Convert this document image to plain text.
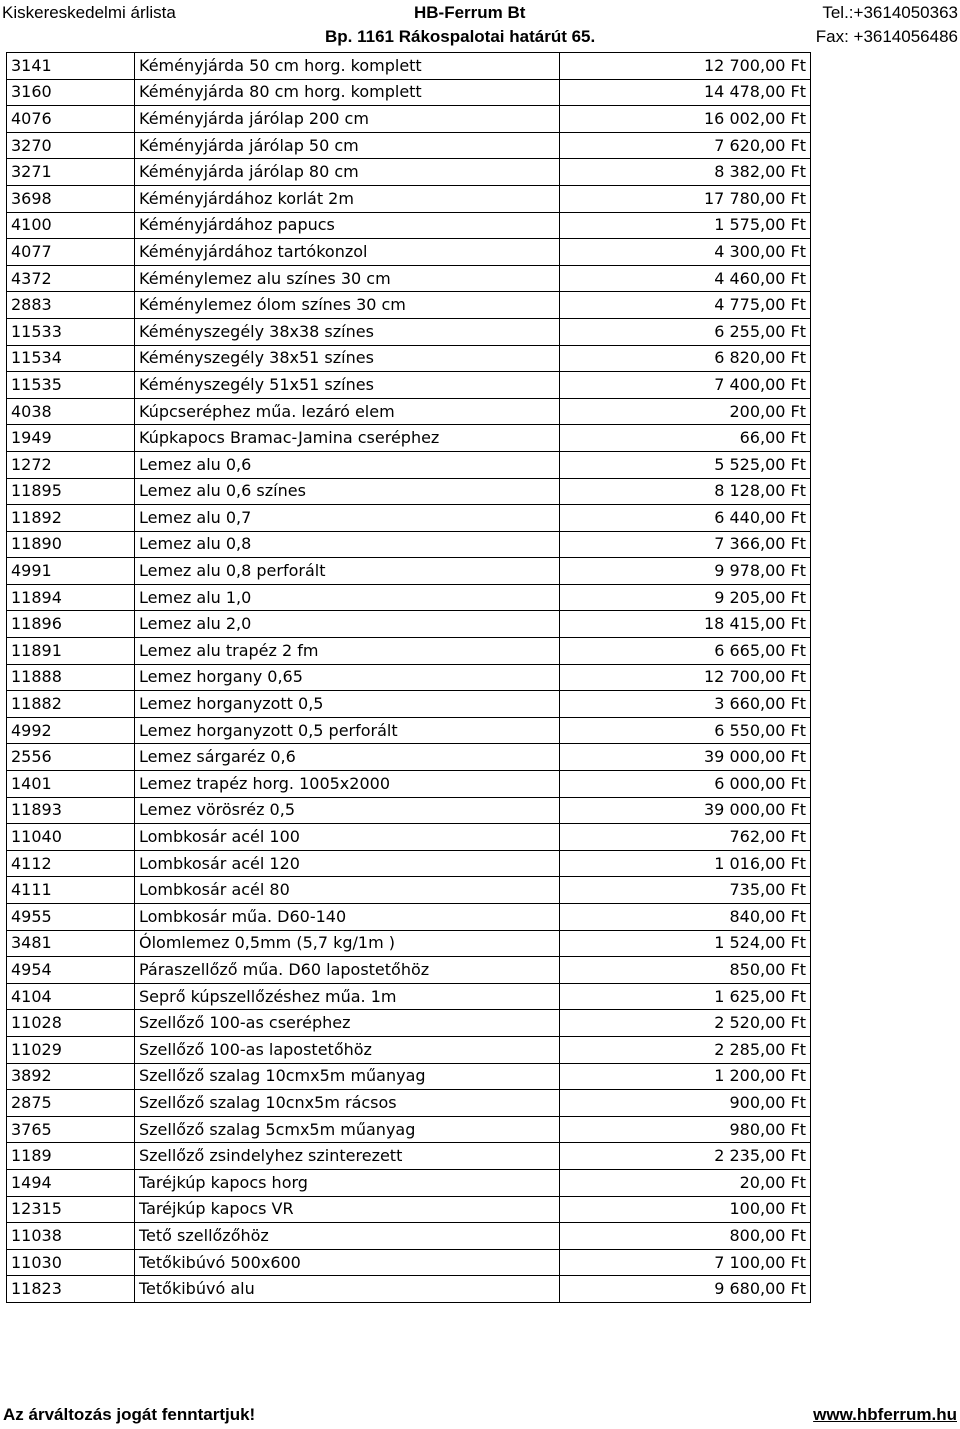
Kiskereskedelmi árlista	HB-Ferrum Bt
Bp. 1161 Rákospalotai határút 65.
Tel.:+3614050363
Fax: +3614056486
3141	Kéményjárda 50 cm horg. komplett	12 700,00 Ft
3160	Kéményjárda 80 cm horg. komplett	14 478,00 Ft
4076	Kéményjárda járólap 200 cm	16 002,00 Ft
3270	Kéményjárda járólap 50 cm	7 620,00 Ft
3271	Kéményjárda járólap 80 cm	8 382,00 Ft
3698	Kéményjárdához korlát 2m	17 780,00 Ft
4100	Kéményjárdához papucs	1 575,00 Ft
4077	Kéményjárdához tartókonzol	4 300,00 Ft
4372	Kéménylemez alu színes 30 cm	4 460,00 Ft
2883	Kéménylemez ólom színes 30 cm	4 775,00 Ft
11533	Kéményszegély 38x38 színes	6 255,00 Ft
11534	Kéményszegély 38x51 színes	6 820,00 Ft
11535	Kéményszegély 51x51 színes	7 400,00 Ft
4038	Kúpcseréphez műa. lezáró elem	200,00 Ft
1949	Kúpkapocs Bramac-Jamina cseréphez	66,00 Ft
1272	Lemez alu 0,6	5 525,00 Ft
11895	Lemez alu 0,6 színes	8 128,00 Ft
11892	Lemez alu 0,7	6 440,00 Ft
11890	Lemez alu 0,8	7 366,00 Ft
4991	Lemez alu 0,8 perforált	9 978,00 Ft
11894	Lemez alu 1,0	9 205,00 Ft
11896	Lemez alu 2,0	18 415,00 Ft
11891	Lemez alu trapéz 2 fm	6 665,00 Ft
11888	Lemez horgany 0,65	12 700,00 Ft
11882	Lemez horganyzott 0,5	3 660,00 Ft
4992	Lemez horganyzott 0,5 perforált	6 550,00 Ft
2556	Lemez sárgaréz 0,6	39 000,00 Ft
1401	Lemez trapéz horg. 1005x2000	6 000,00 Ft
11893	Lemez vörösréz 0,5	39 000,00 Ft
11040	Lombkosár acél 100	762,00 Ft
4112	Lombkosár acél 120	1 016,00 Ft
4111	Lombkosár acél 80	735,00 Ft
4955	Lombkosár műa. D60-140	840,00 Ft
3481	Ólomlemez 0,5mm (5,7 kg/1m )	1 524,00 Ft
4954	Páraszellőző műa. D60 lapostetőhöz	850,00 Ft
4104	Seprő kúpszellőzéshez műa. 1m	1 625,00 Ft
11028	Szellőző 100-as cseréphez	2 520,00 Ft
11029	Szellőző 100-as lapostetőhöz	2 285,00 Ft
3892	Szellőző szalag 10cmx5m műanyag	1 200,00 Ft
2875	Szellőző szalag 10cnx5m rácsos	900,00 Ft
3765	Szellőző szalag 5cmx5m műanyag	980,00 Ft
1189	Szellőző zsindelyhez szinterezett	2 235,00 Ft
1494	Taréjkúp kapocs horg	20,00 Ft
12315	Taréjkúp kapocs VR	100,00 Ft
11038	Tető szellőzőhöz	800,00 Ft
11030	Tetőkibúvó 500x600	7 100,00 Ft
11823	Tetőkibúvó alu	9 680,00 Ft
Az árváltozás jogát fenntartjuk!	www.hbferrum.hu
